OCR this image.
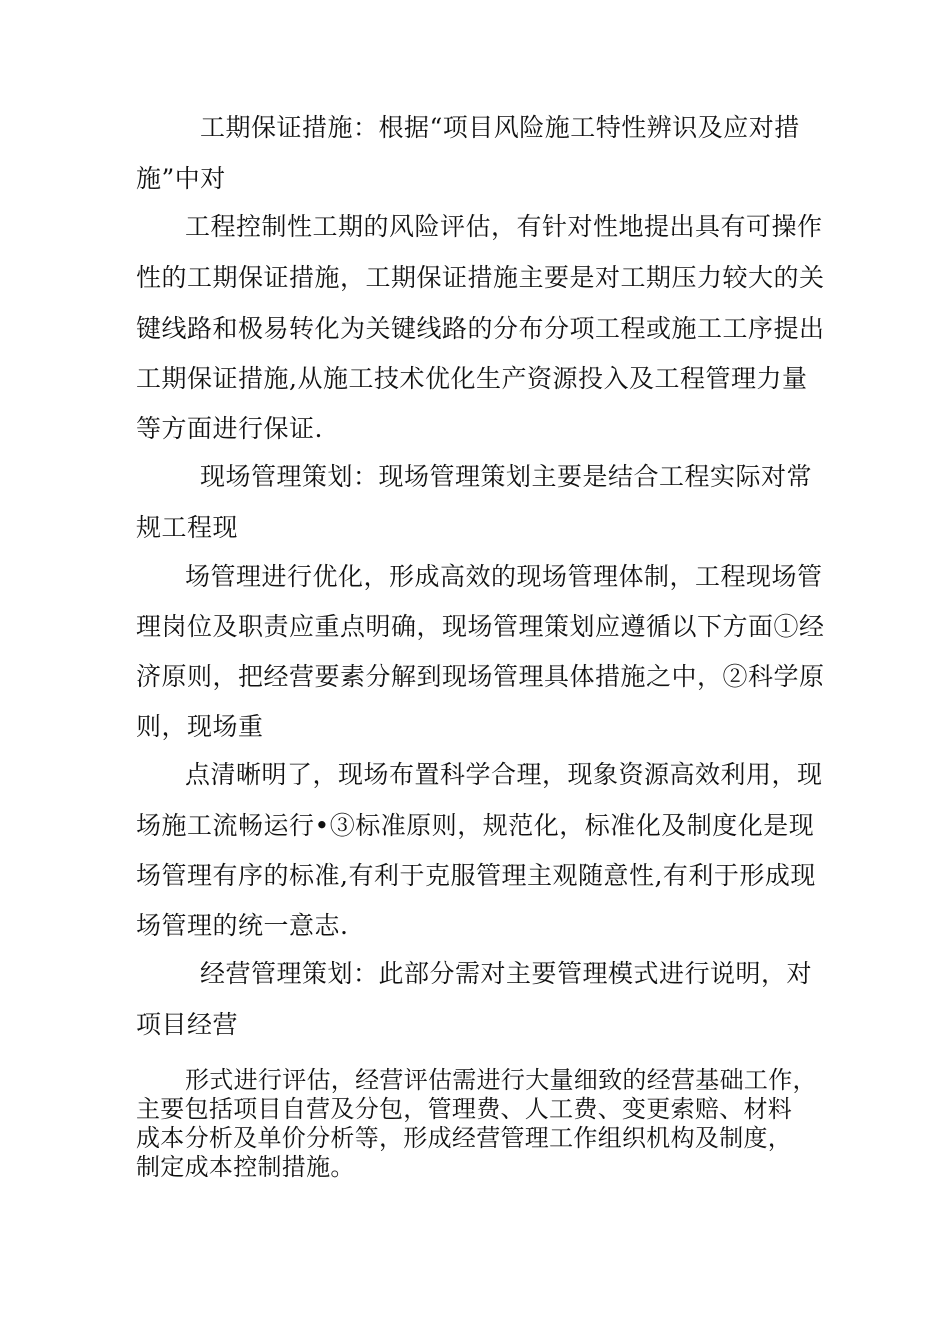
工期保证措施：根据“项目风险施工特性辨识及应对措
施”中对
工程控制性工期的风险评估，有针对性地提出具有可操作
性的工期保证措施，工期保证措施主要是对工期压力较大的关
键线路和极易转化为关键线路的分布分项工程或施工工序提出
工期保证措施,从施工技术优化生产资源投入及工程管理力量
等方面进行保证.
现场管理策划：现场管理策划主要是结合工程实际对常
规工程现
场管理进行优化，形成高效的现场管理体制，工程现场管
理岗位及职责应重点明确，现场管理策划应遵循以下方面①经
济原则，把经营要素分解到现场管理具体措施之中，②科学原
则，现场重
点清晰明了，现场布置科学合理，现象资源高效利用，现
场施工流畅运行•③标准原则，规范化，标准化及制度化是现
场管理有序的标准,有利于克服管理主观随意性,有利于形成现
场管理的统一意志.
经营管理策划：此部分需对主要管理模式进行说明，对
项目经营
形式进行评估，经营评估需进行大量细致的经营基础工作，
主要包括项目自营及分包，管理费、人工费、变更索赔、材料
成本分析及单价分析等，形成经营管理工作组织机构及制度，
制定成本控制措施。
